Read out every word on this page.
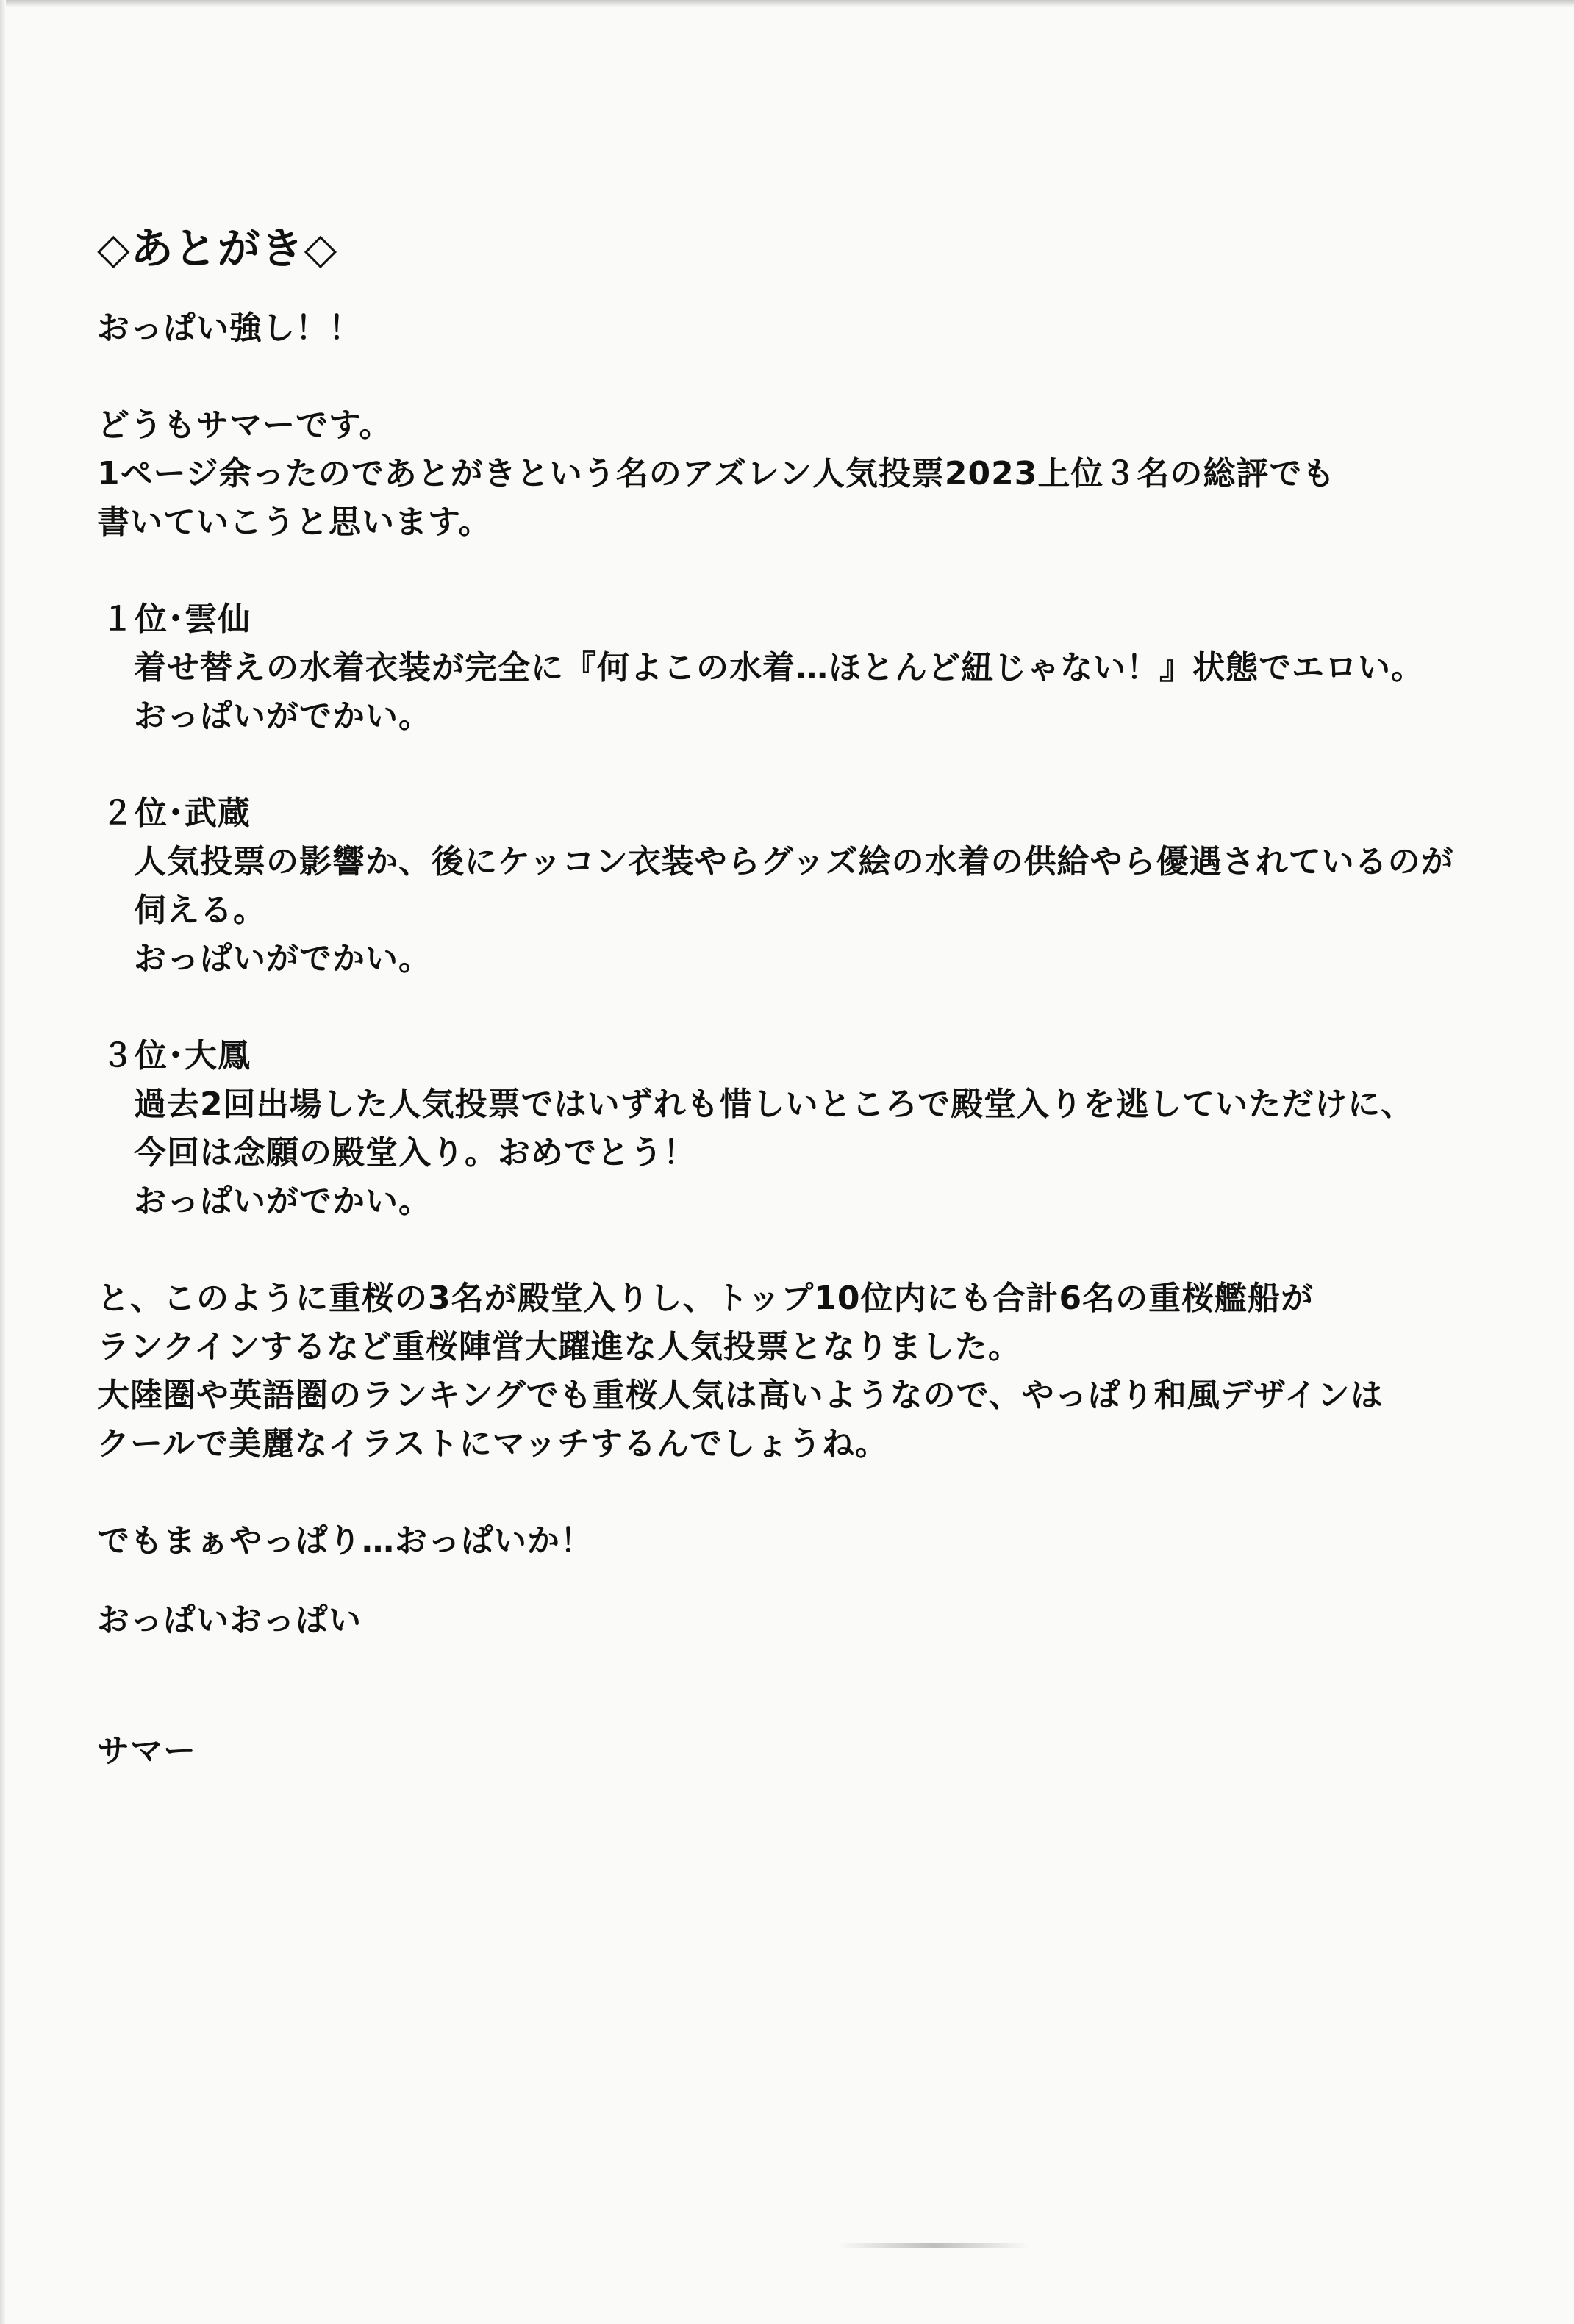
◇あとがき◇
おっぱい強し！！
どうもサマーです。
1ページ余ったのであとがきという名のアズレン人気投票2023上位３名の総評でも
書いていこうと思います。
１位･雲仙
着せ替えの水着衣装が完全に『何よこの水着…ほとんど紐じゃない！』状態でエロい。
おっぱいがでかい。
２位･武蔵
人気投票の影響か、後にケッコン衣装やらグッズ絵の水着の供給やら優遇されているのが
伺える。
おっぱいがでかい。
３位･大鳳
過去2回出場した人気投票ではいずれも惜しいところで殿堂入りを逃していただけに、
今回は念願の殿堂入り。おめでとう！
おっぱいがでかい。
と、このように重桜の3名が殿堂入りし、トップ10位内にも合計6名の重桜艦船が
ランクインするなど重桜陣営大躍進な人気投票となりました。
大陸圏や英語圏のランキングでも重桜人気は高いようなので、やっぱり和風デザインは
クールで美麗なイラストにマッチするんでしょうね。
でもまぁやっぱり…おっぱいか！
おっぱいおっぱい
サマー
